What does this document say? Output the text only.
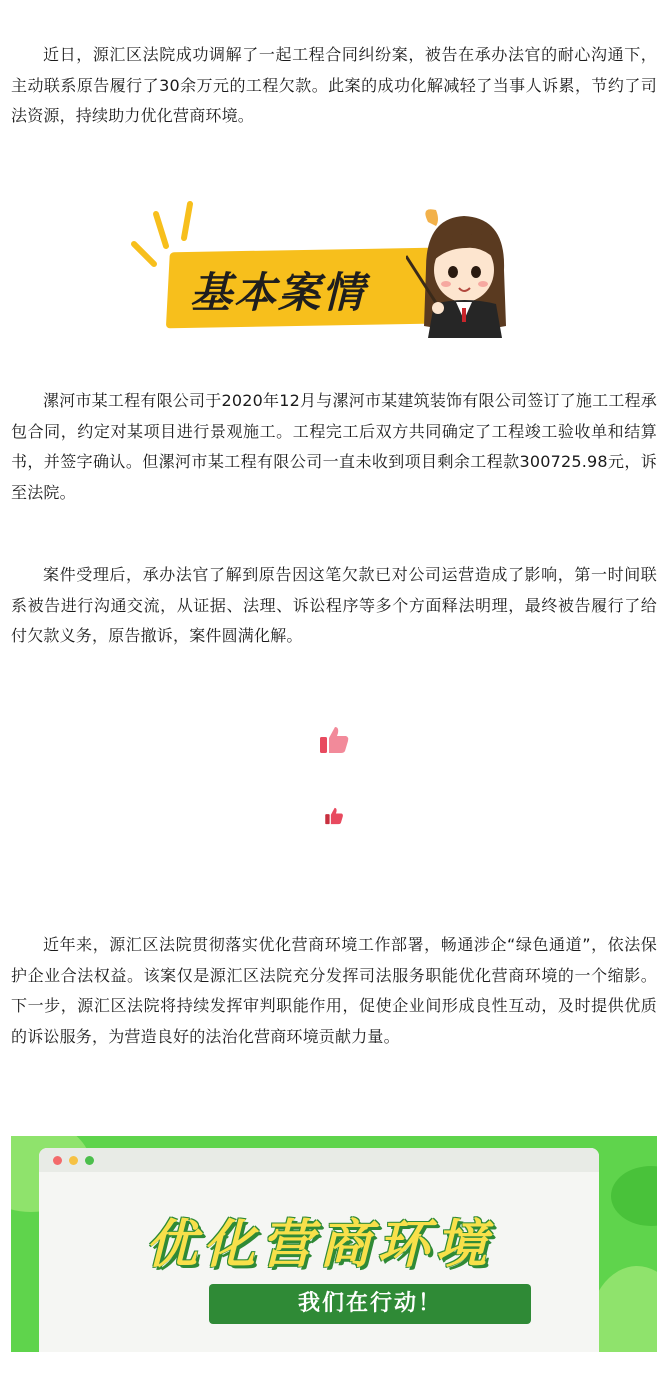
近日，源汇区法院成功调解了一起工程合同纠纷案，被告在承办法官的耐心沟通下，主动联系原告履行了30余万元的工程欠款。此案的成功化解减轻了当事人诉累，节约了司法资源，持续助力优化营商环境。

基本案情

漯河市某工程有限公司于2020年12月与漯河市某建筑装饰有限公司签订了施工工程承包合同，约定对某项目进行景观施工。工程完工后双方共同确定了工程竣工验收单和结算书，并签字确认。但漯河市某工程有限公司一直未收到项目剩余工程款300725.98元，诉至法院。

案件受理后，承办法官了解到原告因这笔欠款已对公司运营造成了影响，第一时间联系被告进行沟通交流，从证据、法理、诉讼程序等多个方面释法明理，最终被告履行了给付欠款义务，原告撤诉，案件圆满化解。

近年来，源汇区法院贯彻落实优化营商环境工作部署，畅通涉企“绿色通道”，依法保护企业合法权益。该案仅是源汇区法院充分发挥司法服务职能优化营商环境的一个缩影。下一步，源汇区法院将持续发挥审判职能作用，促使企业间形成良性互动，及时提供优质的诉讼服务，为营造良好的法治化营商环境贡献力量。

优化营商环境
我们在行动！
